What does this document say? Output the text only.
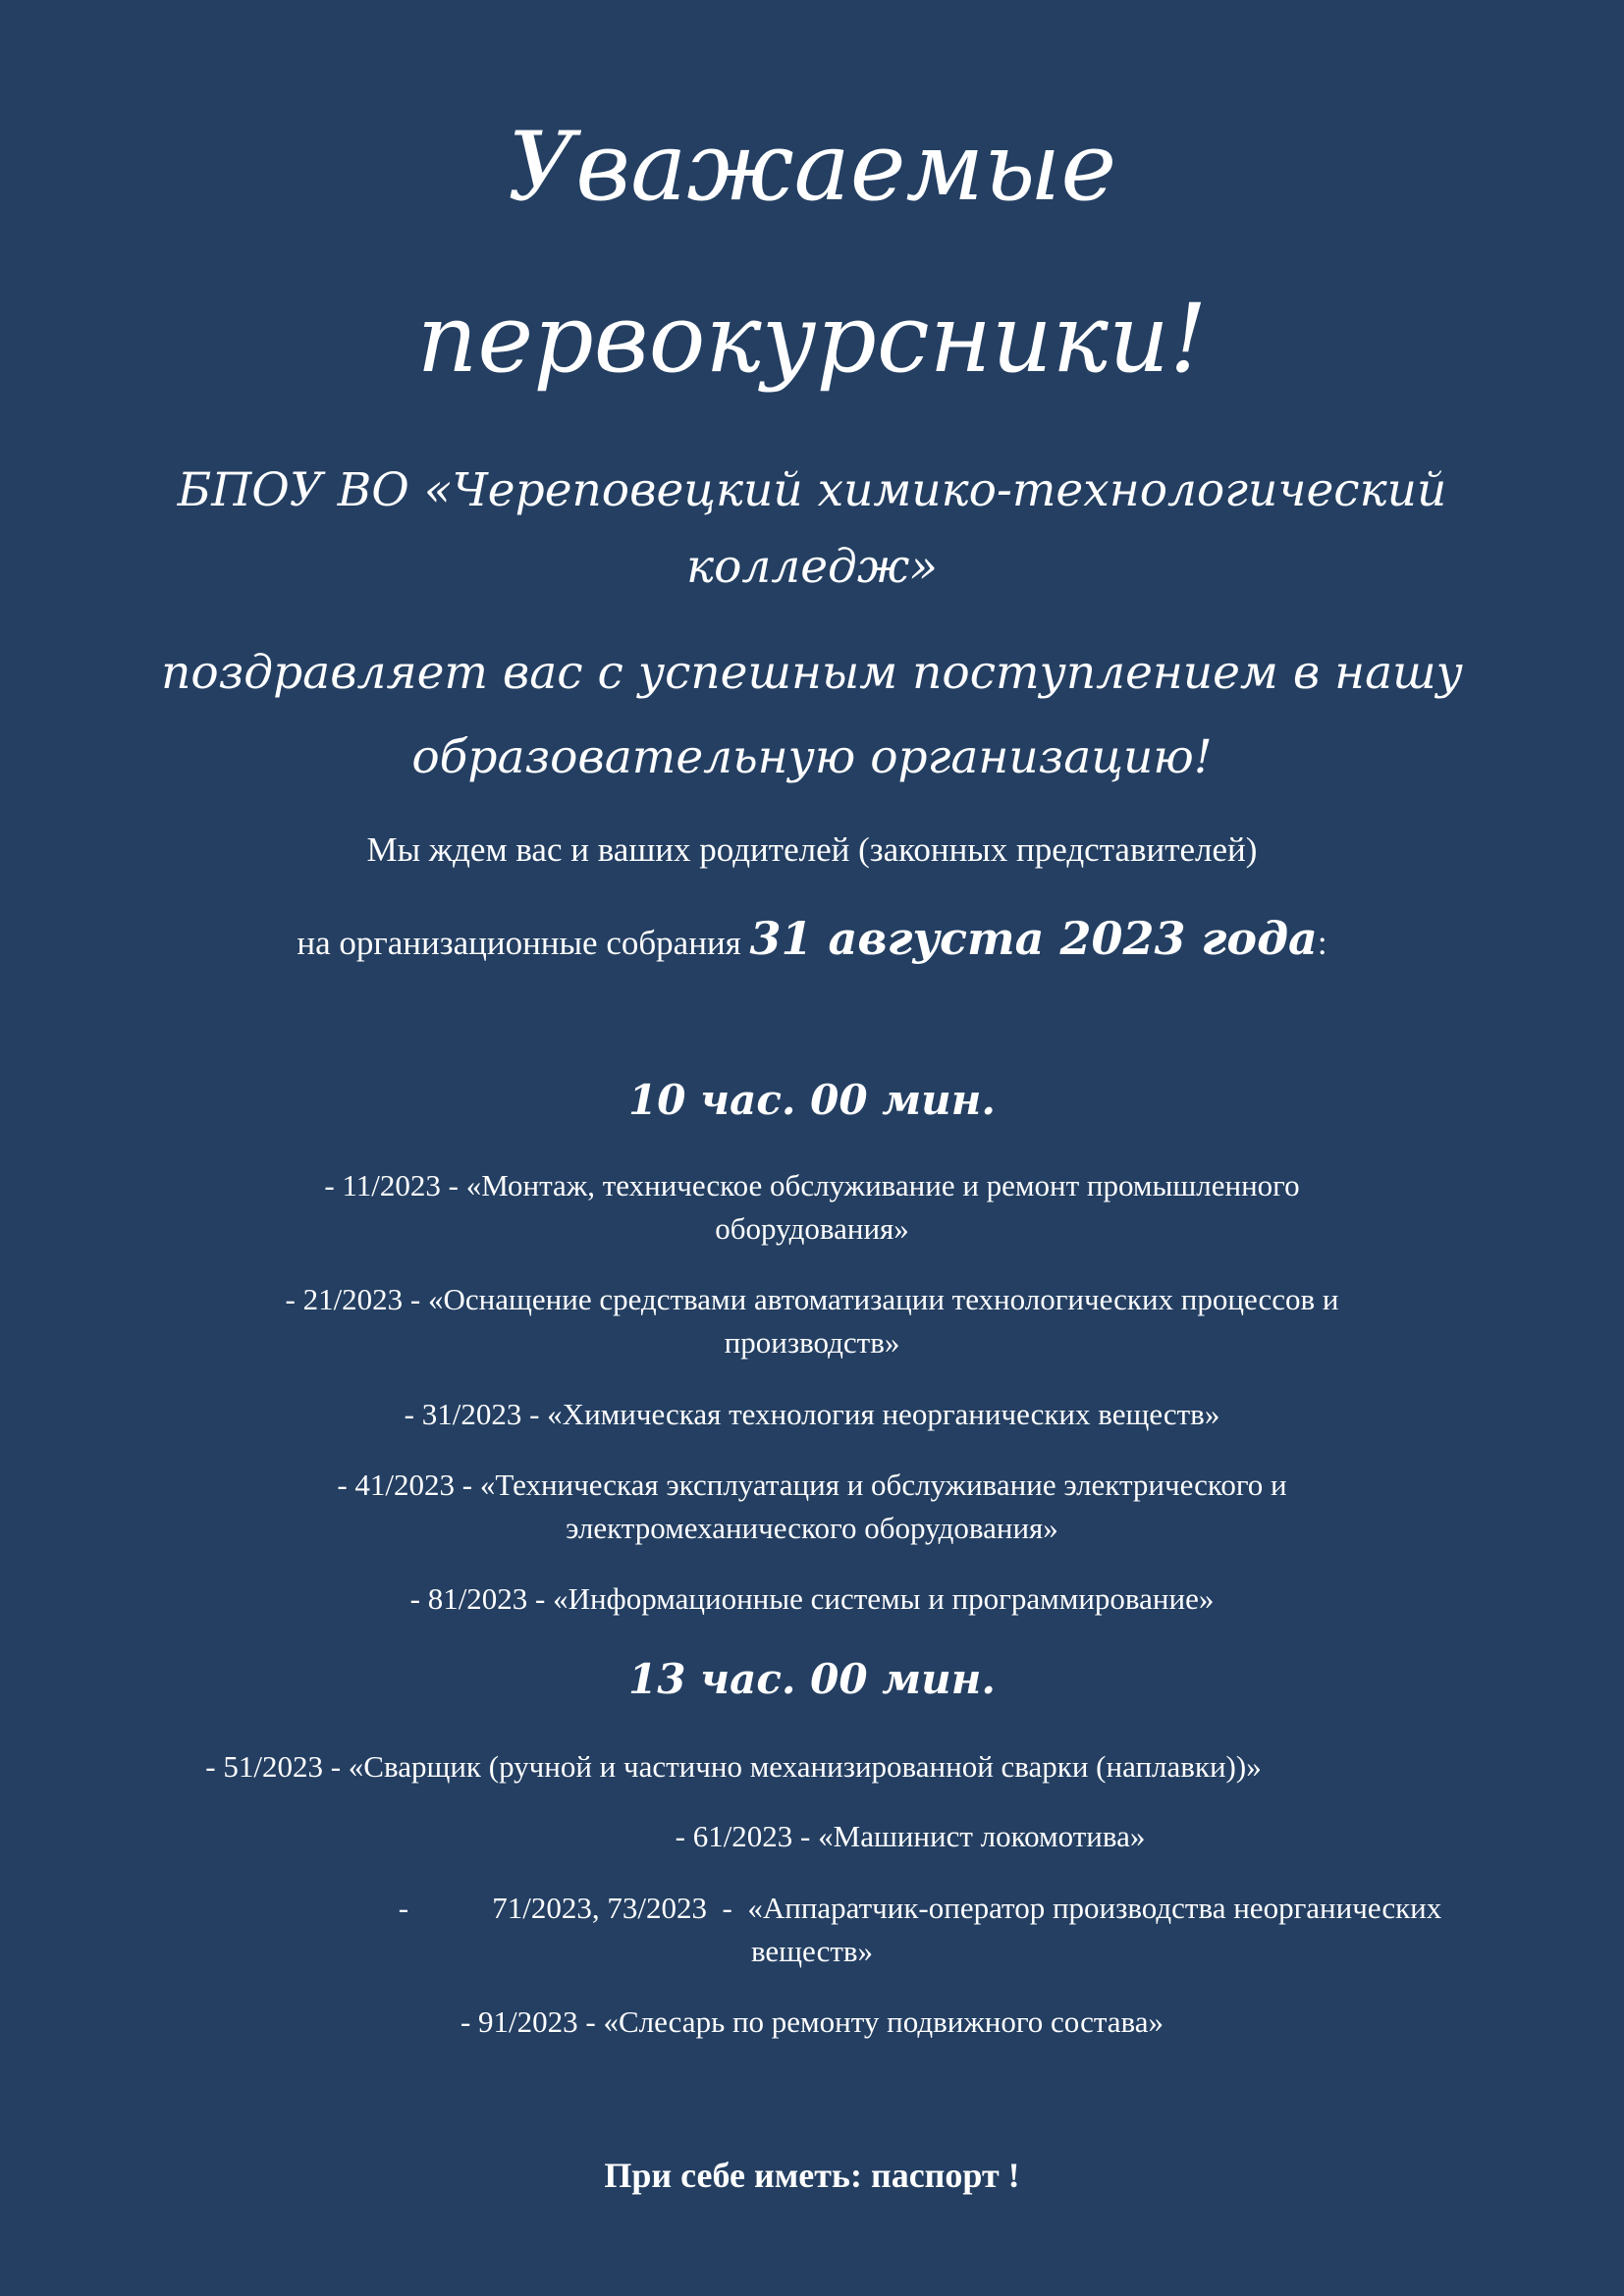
Уважаемые
первокурсники!
БПОУ ВО «Череповецкий химико-технологический
колледж»
поздравляет вас с успешным поступлением в нашу
образовательную организацию!
Мы ждем вас и ваших родителей (законных представителей)
на организационные собрания 31 августа 2023 года:
10 час. 00 мин.
- 11/2023 - «Монтаж, техническое обслуживание и ремонт промышленного
оборудования»
- 21/2023 - «Оснащение средствами автоматизации технологических процессов и
производств»
- 31/2023 - «Химическая технология неорганических веществ»
- 41/2023 - «Техническая эксплуатация и обслуживание электрического и
электромеханического оборудования»
- 81/2023 - «Информационные системы и программирование»
13 час. 00 мин.
- 51/2023 - «Сварщик (ручной и частично механизированной сварки (наплавки))»
- 61/2023 - «Машинист локомотива»
-           71/2023, 73/2023  -  «Аппаратчик-оператор производства неорганических
веществ»
- 91/2023 - «Слесарь по ремонту подвижного состава»
При себе иметь: паспорт !
